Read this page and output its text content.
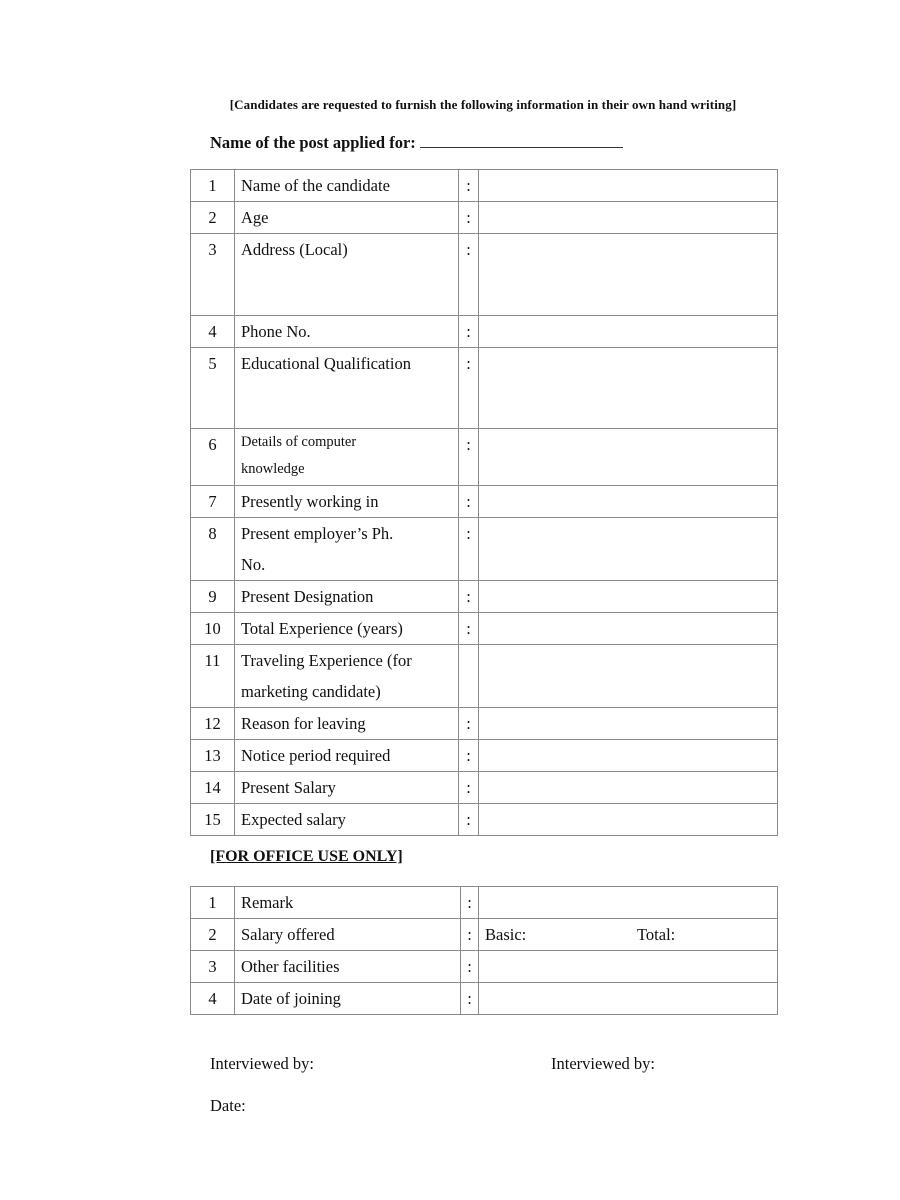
[Candidates are requested to furnish the following information in their own hand writing]
Name of the post applied for:
1	Name of the candidate	:	
2	Age	:	
3	Address (Local)	:	
4	Phone No.	:	
5	Educational Qualification	:	
6	Details of computer
knowledge	:	
7	Presently working in	:	
8	Present employer’s Ph.
No.	:	
9	Present Designation	:	
10	Total Experience (years)	:	
11	Traveling Experience (for
marketing candidate)		

12	Reason for leaving	:	
13	Notice period required	:	
14	Present Salary	:	
15	Expected salary	:	
[FOR OFFICE USE ONLY]
1	Remark	:	
2	Salary offered	:	Basic: Total:
3	Other facilities	:	
4	Date of joining	:	
Interviewed by:	Interviewed by:
Date:
